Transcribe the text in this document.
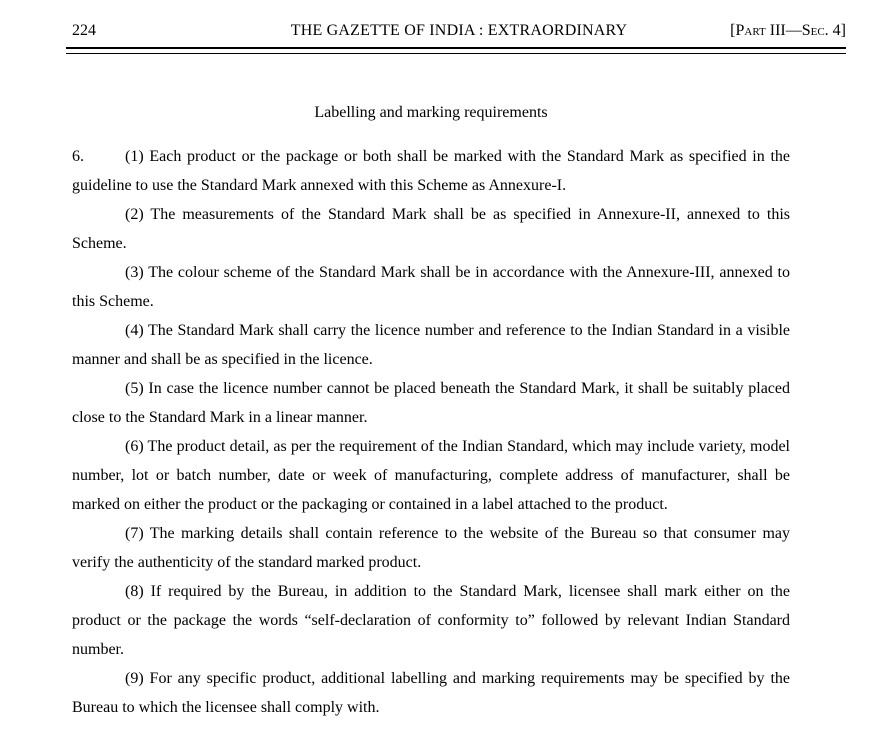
224	THE GAZETTE OF INDIA : EXTRAORDINARY	[Part III—Sec. 4]
Labelling and marking requirements

6.	(1) Each product or the package or both shall be marked with the Standard Mark as specified in the guideline to use the Standard Mark annexed with this Scheme as Annexure-I.

(2) The measurements of the Standard Mark shall be as specified in Annexure-II, annexed to this Scheme.

(3) The colour scheme of the Standard Mark shall be in accordance with the Annexure-III, annexed to this Scheme.

(4) The Standard Mark shall carry the licence number and reference to the Indian Standard in a visible manner and shall be as specified in the licence.

(5) In case the licence number cannot be placed beneath the Standard Mark, it shall be suitably placed close to the Standard Mark in a linear manner.

(6) The product detail, as per the requirement of the Indian Standard, which may include variety, model number, lot or batch number, date or week of manufacturing, complete address of manufacturer, shall be marked on either the product or the packaging or contained in a label attached to the product.

(7) The marking details shall contain reference to the website of the Bureau so that consumer may verify the authenticity of the standard marked product.

(8) If required by the Bureau, in addition to the Standard Mark, licensee shall mark either on the product or the package the words “self-declaration of conformity to” followed by relevant Indian Standard number.

(9) For any specific product, additional labelling and marking requirements may be specified by the Bureau to which the licensee shall comply with.
